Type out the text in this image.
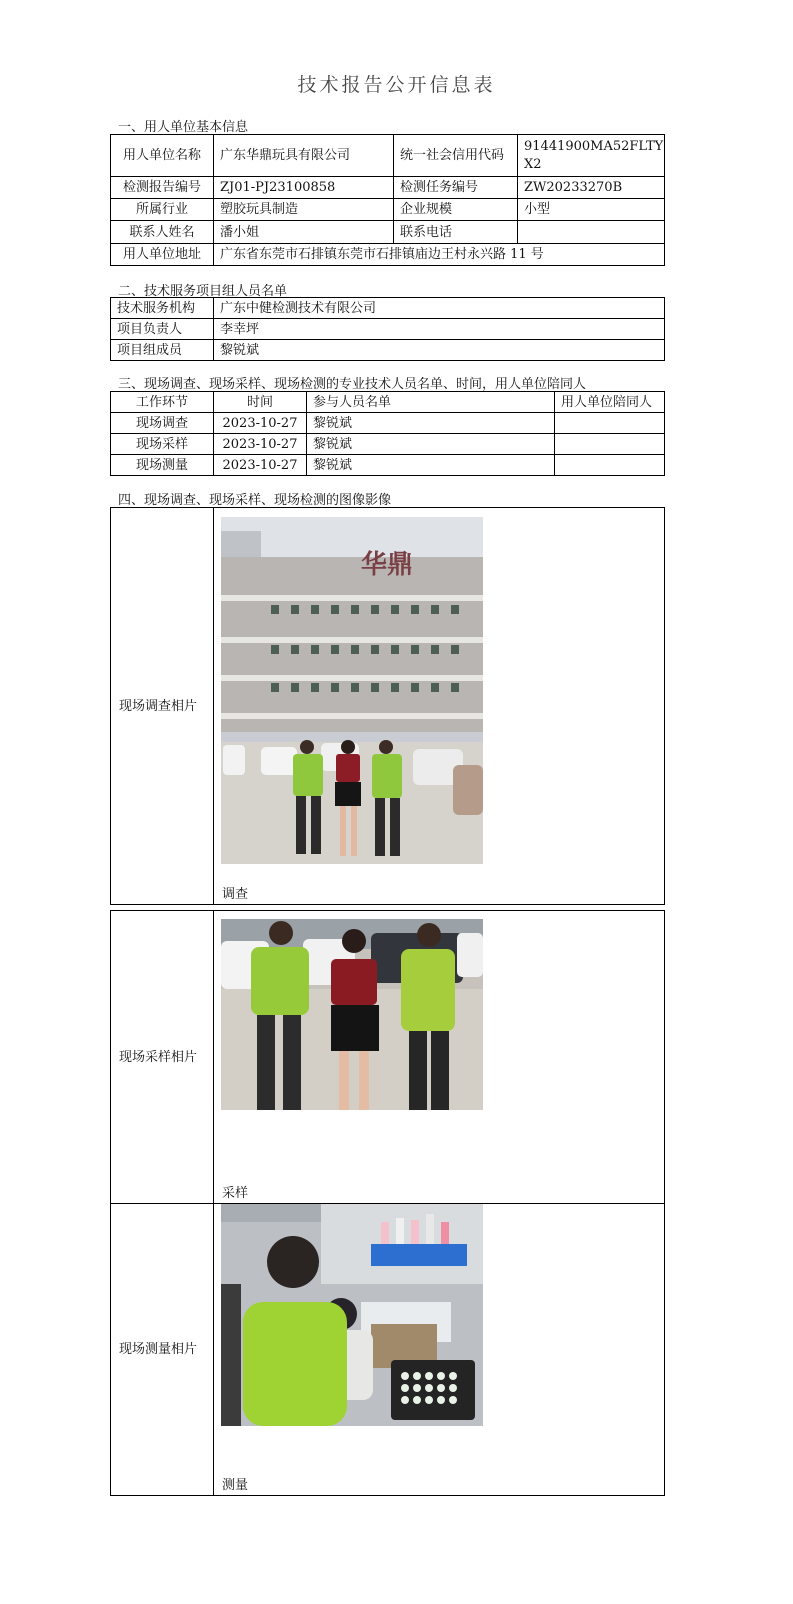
技术报告公开信息表
一、用人单位基本信息
用人单位名称	广东华鼎玩具有限公司	统一社会信用代码	91441900MA52FLTY
X2

检测报告编号	ZJ01-PJ23100858	检测任务编号	ZW20233270B
所属行业	塑胶玩具制造	企业规模	小型
联系人姓名	潘小姐	联系电话	
用人单位地址	广东省东莞市石排镇东莞市石排镇庙边王村永兴路 11 号		
二、技术服务项目组人员名单
技术服务机构	广东中健检测技术有限公司
项目负责人	李幸坪
项目组成员	黎锐斌
三、现场调查、现场采样、现场检测的专业技术人员名单、时间，用人单位陪同人
工作环节	时间	参与人员名单	用人单位陪同人
现场调查	2023-10-27	黎锐斌	
现场采样	2023-10-27	黎锐斌	
现场测量	2023-10-27	黎锐斌	
四、现场调查、现场采样、现场检测的图像影像
现场调查相片	
华鼎
调查
现场采样相片	采样

现场测量相片	测量
